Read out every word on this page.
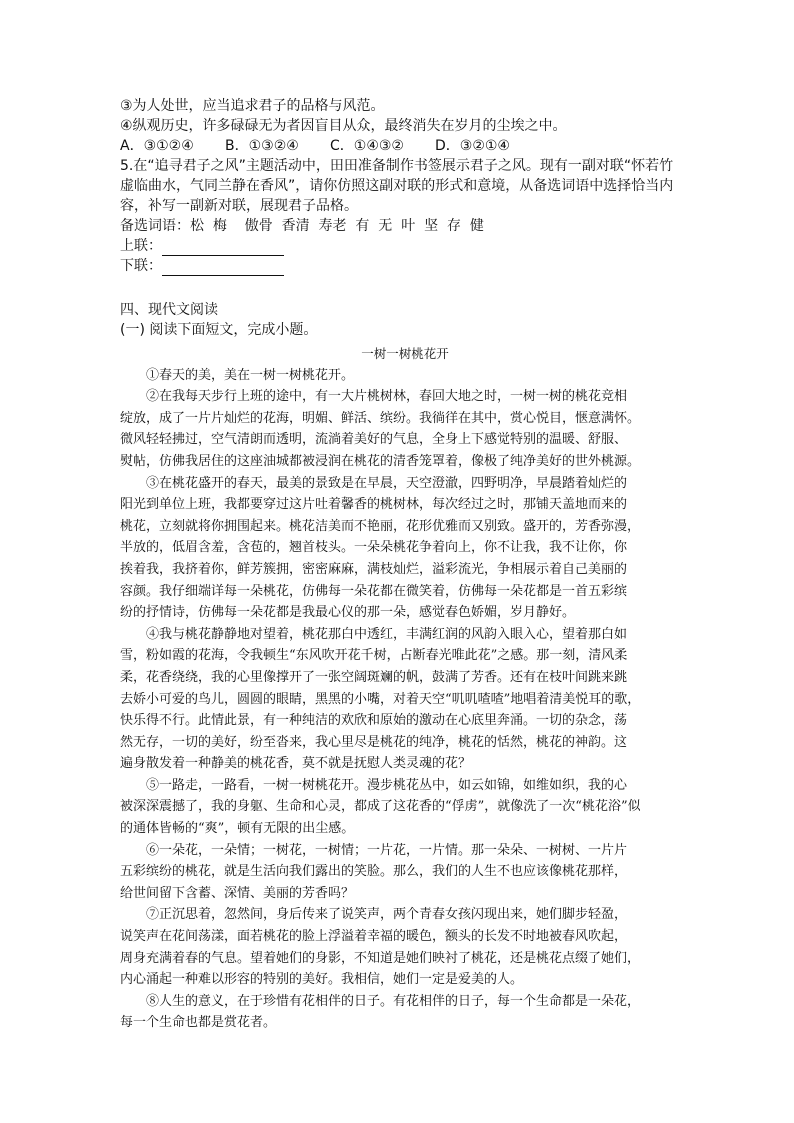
③为人处世，应当追求君子的品格与风范。
④纵观历史，许多碌碌无为者因盲目从众，最终消失在岁月的尘埃之中。
A．③①②④	B．①③②④	C．①④③②	D．③②①④
5.在“追寻君子之风”主题活动中，田田准备制作书签展示君子之风。现有一副对联“怀若竹
虚临曲水，气同兰静在香风”，请你仿照这副对联的形式和意境，从备选词语中选择恰当内
容，补写一副新对联，展现君子品格。
备选词语：松  梅    傲骨  香清  寿老  有  无  叶  坚  存  健
上联：
下联：
四、现代文阅读
(一) 阅读下面短文，完成小题。
一树一树桃花开
　　①春天的美，美在一树一树桃花开。
　　②在我每天步行上班的途中，有一大片桃树林，春回大地之时，一树一树的桃花竞相
绽放，成了一片片灿烂的花海，明媚、鲜活、缤纷。我徜徉在其中，赏心悦目，惬意满怀。
微风轻轻拂过，空气清朗而透明，流淌着美好的气息，全身上下感觉特别的温暖、舒服、
熨帖，仿佛我居住的这座油城都被浸润在桃花的清香笼罩着，像极了纯净美好的世外桃源。
　　③在桃花盛开的春天，最美的景致是在早晨，天空澄澈，四野明净，早晨踏着灿烂的
阳光到单位上班，我都要穿过这片吐着馨香的桃树林，每次经过之时，那铺天盖地而来的
桃花，立刻就将你拥围起来。桃花洁美而不艳丽，花形优雅而又别致。盛开的，芳香弥漫，
半放的，低眉含羞，含苞的，翘首枝头。一朵朵桃花争着向上，你不让我，我不让你，你
挨着我，我挤着你，鲜芳簇拥，密密麻麻，满枝灿烂，溢彩流光，争相展示着自己美丽的
容颜。我仔细端详每一朵桃花，仿佛每一朵花都在微笑着，仿佛每一朵花都是一首五彩缤
纷的抒情诗，仿佛每一朵花都是我最心仪的那一朵，感觉春色娇媚，岁月静好。
　　④我与桃花静静地对望着，桃花那白中透红，丰满红润的风韵入眼入心，望着那白如
雪，粉如霞的花海，令我顿生“东风吹开花千树，占断春光唯此花”之感。那一刻，清风柔
柔，花香绕绕，我的心里像撑开了一张空阔斑斓的帆，鼓满了芳香。还有在枝叶间跳来跳
去娇小可爱的鸟儿，圆圆的眼睛，黑黑的小嘴，对着天空“叽叽喳喳”地唱着清美悦耳的歌，
快乐得不行。此情此景，有一种纯洁的欢欣和原始的激动在心底里奔涌。一切的杂念，荡
然无存，一切的美好，纷至沓来，我心里尽是桃花的纯净，桃花的恬然，桃花的神韵。这
遍身散发着一种静美的桃花香，莫不就是抚慰人类灵魂的花？
　　⑤一路走，一路看，一树一树桃花开。漫步桃花丛中，如云如锦，如维如织，我的心
被深深震撼了，我的身躯、生命和心灵，都成了这花香的“俘虏”，就像洗了一次“桃花浴”似
的通体皆畅的“爽”，顿有无限的出尘感。
　　⑥一朵花，一朵情；一树花，一树情；一片花，一片情。那一朵朵、一树树、一片片
五彩缤纷的桃花，就是生活向我们露出的笑脸。那么，我们的人生不也应该像桃花那样，
给世间留下含蓄、深情、美丽的芳香吗？
　　⑦正沉思着，忽然间，身后传来了说笑声，两个青春女孩闪现出来，她们脚步轻盈，
说笑声在花间荡漾，面若桃花的脸上浮溢着幸福的暖色，额头的长发不时地被春风吹起，
周身充满着春的气息。望着她们的身影，不知道是她们映衬了桃花，还是桃花点缀了她们，
内心涌起一种难以形容的特别的美好。我相信，她们一定是爱美的人。
　　⑧人生的意义，在于珍惜有花相伴的日子。有花相伴的日子，每一个生命都是一朵花，
每一个生命也都是赏花者。
